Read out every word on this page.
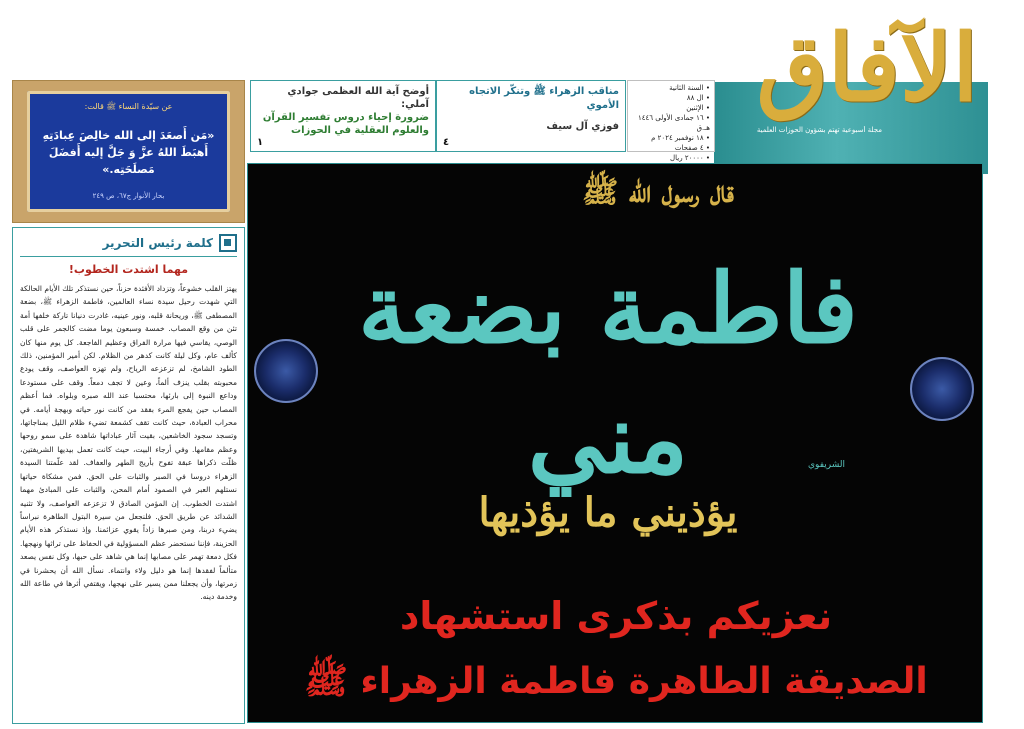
الآفاق
مجلة أسبوعية تهتم بشؤون الحوزات العلمية
• السنة الثانية
• ال ٨٨
• الإثنين
• ١٦ جمادى الأولى ١٤٤٦ هـ.ق
• ١٨ نوفمبر ٢٠٢٤ م
• ٤ صفحات
• ٢٠٠٠٠ ريال
مناقب الزهراء ﷺ وتنكّر الاتجاه الأموي
فوزي آل سيف
٤
أوضح آية الله العظمى جوادي آملي:
ضرورة إحياء دروس تفسير القرآن والعلوم العقلية في الحوزات
١
عن سيّدة النساء ﷺ قالت:
«مَن أَصعَدَ إلى الله خالِصَ عِبادَتِهِ أَهبَطَ اللهُ عزَّ وَ جَلَّ إليه أَفضَلَ مَصلَحَتِه.»
بحار الأنوار ج٦٧، ص ٢٤٩
كلمة رئيس التحرير
مهما اشتدت الخطوب!
يهتز القلب خشوعاً، وتزداد الأفئدة حزناً، حين نستذكر تلك الأيام الحالكة التي شهدت رحيل سيدة نساء العالمين، فاطمة الزهراء ﷺ، بضعة المصطفى ﷺ، وريحانة قلبه، ونور عينيه، غادرت دنيانا تاركة خلفها أمة تئن من وقع المصاب. خمسة وسبعون يوما مضت كالجمر على قلب الوصي، يقاسي فيها مرارة الفراق وعظيم الفاجعة. كل يوم منها كان كألف عام، وكل ليلة كانت كدهر من الظلام. لكن أمير المؤمنين، ذلك الطود الشامخ، لم تزعزعه الرياح، ولم تهزه العواصف، وقف يودع محبوبته بقلب ينزف ألماً، وعين لا تجف دمعاً. وقف على مستودعا وداعع النبوة إلى بارئها، محتسبا عند الله صبره وبلواه. فما أعظم المصاب حين يفجع المرء بفقد من كانت نور حياته وبهجة أيامه. في محراب العبادة، حيث كانت تقف كشمعة تضيء ظلام الليل بمناجاتها، وتسجد سجود الخاشعين، بقيت آثار عباداتها شاهدة على سمو روحها وعظم مقامها. وفي أرجاء البيت، حيث كانت تعمل بيديها الشريفتين، ظلّت ذكراها عبقة تفوح بأريج الطهر والعفاف. لقد علّمتنا السيدة الزهراء دروسا في الصبر والثبات على الحق. فمن مشكاة حياتها نستلهم العبر في الصمود أمام المحن، والثبات على المبادئ مهما اشتدت الخطوب. إن المؤمن الصادق لا تزعزعه العواصف، ولا تثنيه الشدائد عن طريق الحق. فلنجعل من سيرة البتول الطاهرة نبراساً يضيء دربنا، ومن صبرها زاداً يقوي عزائمنا. وإذ نستذكر هذه الأيام الحزينة، فإننا نستحضر عظم المسؤولية في الحفاظ على تراثها ونهجها. فكل دمعة تهمر على مصابها إنما هي شاهد على حبها، وكل نفس يصعد متألماً لفقدها إنما هو دليل ولاء وانتماء. نسأل الله أن يحشرنا في زمرتها، وأن يجعلنا ممن يسير على نهجها، ويقتفي أثرها في طاعة الله وخدمة دينه.
قال رسول الله ﷺ
فاطمة بضعة مني	الشريفوي
يؤذيني ما يؤذيها
نعزيكم بذكرى استشهاد
الصديقة الطاهرة فاطمة الزهراء ﷺ
